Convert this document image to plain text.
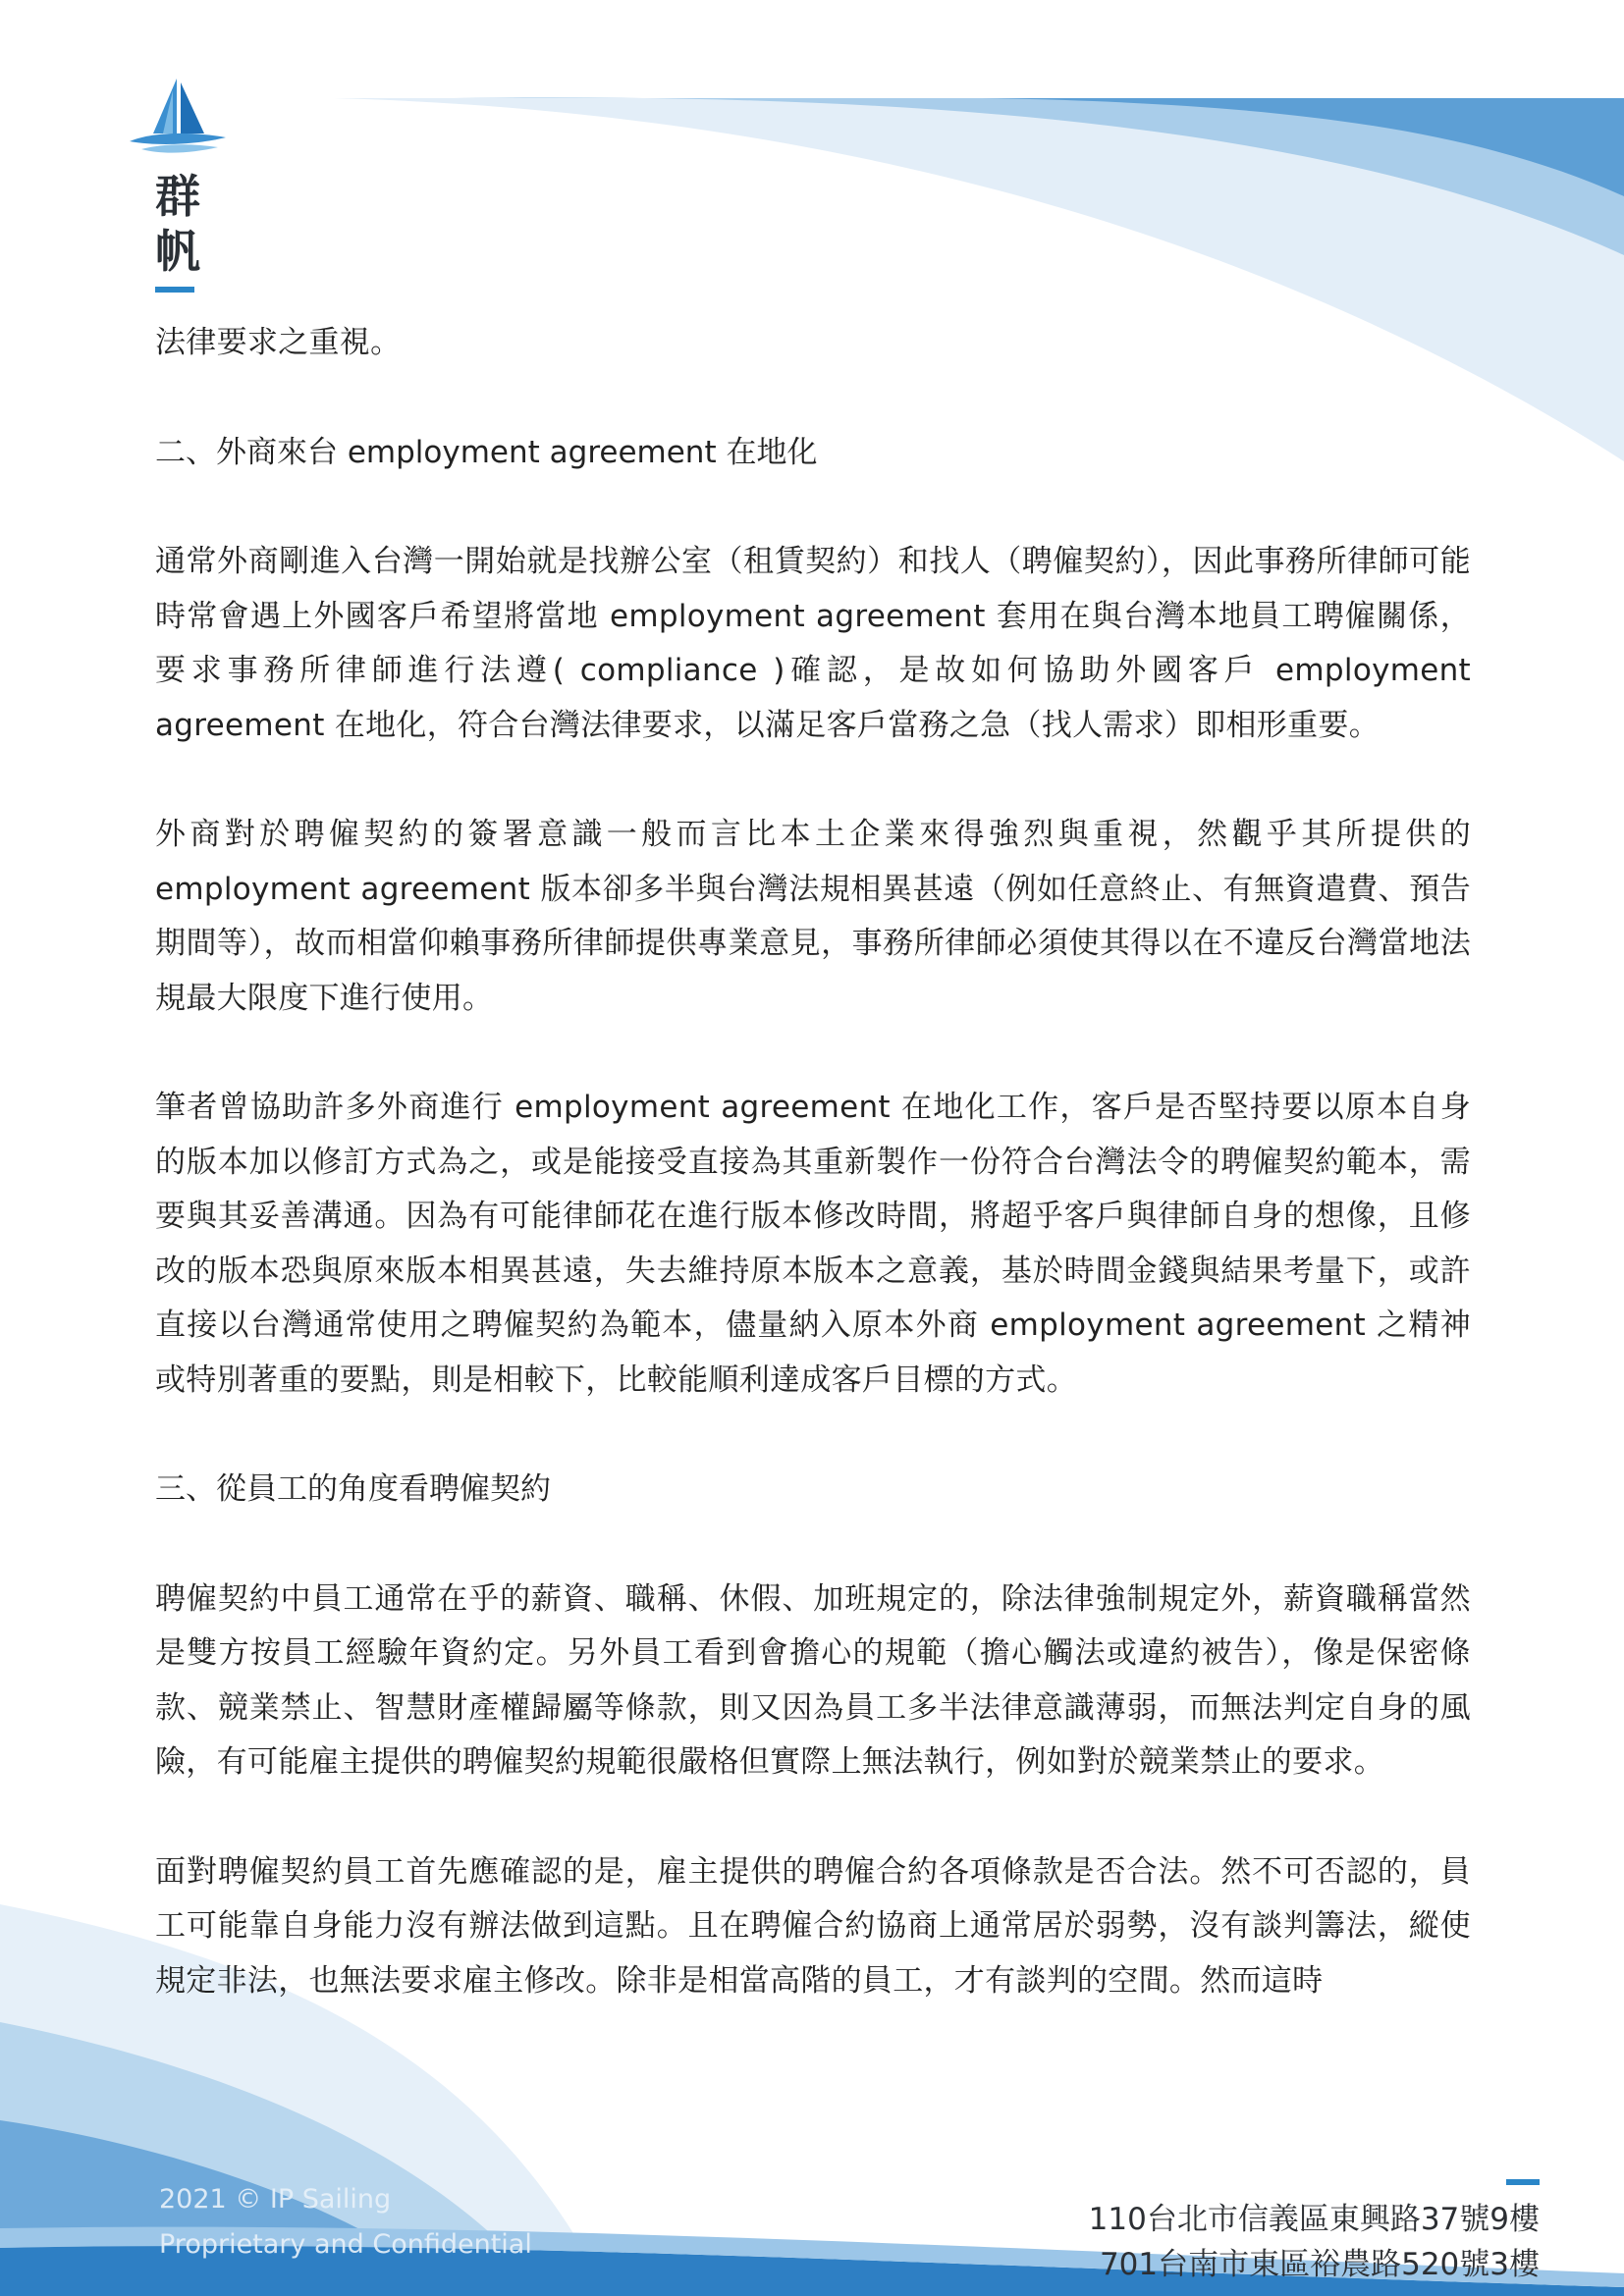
群
帆

法律要求之重視。

二、外商來台 employment agreement 在地化

通常外商剛進入台灣一開始就是找辦公室（租賃契約）和找人（聘僱契約），因此事務所律師可能時常會遇上外國客戶希望將當地 employment agreement 套用在與台灣本地員工聘僱關係，要求事務所律師進行法遵( compliance )確認，是故如何協助外國客戶 employment agreement 在地化，符合台灣法律要求，以滿足客戶當務之急（找人需求）即相形重要。

外商對於聘僱契約的簽署意識一般而言比本土企業來得強烈與重視，然觀乎其所提供的 employment agreement 版本卻多半與台灣法規相異甚遠（例如任意終止、有無資遣費、預告期間等），故而相當仰賴事務所律師提供專業意見，事務所律師必須使其得以在不違反台灣當地法規最大限度下進行使用。

筆者曾協助許多外商進行 employment agreement 在地化工作，客戶是否堅持要以原本自身的版本加以修訂方式為之，或是能接受直接為其重新製作一份符合台灣法令的聘僱契約範本，需要與其妥善溝通。因為有可能律師花在進行版本修改時間，將超乎客戶與律師自身的想像，且修改的版本恐與原來版本相異甚遠，失去維持原本版本之意義，基於時間金錢與結果考量下，或許直接以台灣通常使用之聘僱契約為範本，儘量納入原本外商 employment agreement 之精神或特別著重的要點，則是相較下，比較能順利達成客戶目標的方式。

三、從員工的角度看聘僱契約

聘僱契約中員工通常在乎的薪資、職稱、休假、加班規定的，除法律強制規定外，薪資職稱當然是雙方按員工經驗年資約定。另外員工看到會擔心的規範（擔心觸法或違約被告），像是保密條款、競業禁止、智慧財產權歸屬等條款，則又因為員工多半法律意識薄弱，而無法判定自身的風險，有可能雇主提供的聘僱契約規範很嚴格但實際上無法執行，例如對於競業禁止的要求。

面對聘僱契約員工首先應確認的是，雇主提供的聘僱合約各項條款是否合法。然不可否認的，員工可能靠自身能力沒有辦法做到這點。且在聘僱合約協商上通常居於弱勢，沒有談判籌法，縱使規定非法，也無法要求雇主修改。除非是相當高階的員工，才有談判的空間。然而這時

2021 © IP Sailing
Proprietary and Confidential
110台北市信義區東興路37號9樓
701台南市東區裕農路520號3樓
